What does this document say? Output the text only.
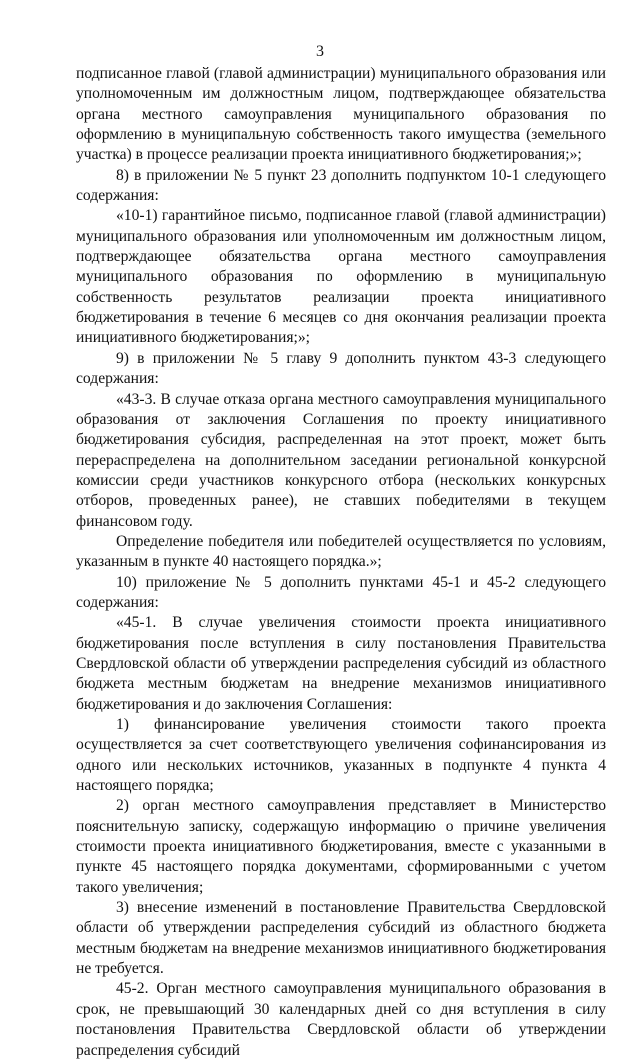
3

подписанное главой (главой администрации) муниципального образования или уполномоченным им должностным лицом, подтверждающее обязательства органа местного самоуправления муниципального образования по оформлению в муниципальную собственность такого имущества (земельного участка) в процессе реализации проекта инициативного бюджетирования;»;

8) в приложении № 5 пункт 23 дополнить подпунктом 10-1 следующего содержания:

«10-1) гарантийное письмо, подписанное главой (главой администрации) муниципального образования или уполномоченным им должностным лицом, подтверждающее обязательства органа местного самоуправления муниципального образования по оформлению в муниципальную собственность результатов реализации проекта инициативного бюджетирования в течение 6 месяцев со дня окончания реализации проекта инициативного бюджетирования;»;

9) в приложении № 5 главу 9 дополнить пунктом 43-3 следующего содержания:

«43-3. В случае отказа органа местного самоуправления муниципального образования от заключения Соглашения по проекту инициативного бюджетирования субсидия, распределенная на этот проект, может быть перераспределена на дополнительном заседании региональной конкурсной комиссии среди участников конкурсного отбора (нескольких конкурсных отборов, проведенных ранее), не ставших победителями в текущем финансовом году.

Определение победителя или победителей осуществляется по условиям, указанным в пункте 40 настоящего порядка.»;

10) приложение № 5 дополнить пунктами 45-1 и 45-2 следующего содержания:

«45-1. В случае увеличения стоимости проекта инициативного бюджетирования после вступления в силу постановления Правительства Свердловской области об утверждении распределения субсидий из областного бюджета местным бюджетам на внедрение механизмов инициативного бюджетирования и до заключения Соглашения:

1) финансирование увеличения стоимости такого проекта осуществляется за счет соответствующего увеличения софинансирования из одного или нескольких источников, указанных в подпункте 4 пункта 4 настоящего порядка;

2) орган местного самоуправления представляет в Министерство пояснительную записку, содержащую информацию о причине увеличения стоимости проекта инициативного бюджетирования, вместе с указанными в пункте 45 настоящего порядка документами, сформированными с учетом такого увеличения;

3) внесение изменений в постановление Правительства Свердловской области об утверждении распределения субсидий из областного бюджета местным бюджетам на внедрение механизмов инициативного бюджетирования не требуется.

45-2. Орган местного самоуправления муниципального образования в срок, не превышающий 30 календарных дней со дня вступления в силу постановления Правительства Свердловской области об утверждении распределения субсидий
